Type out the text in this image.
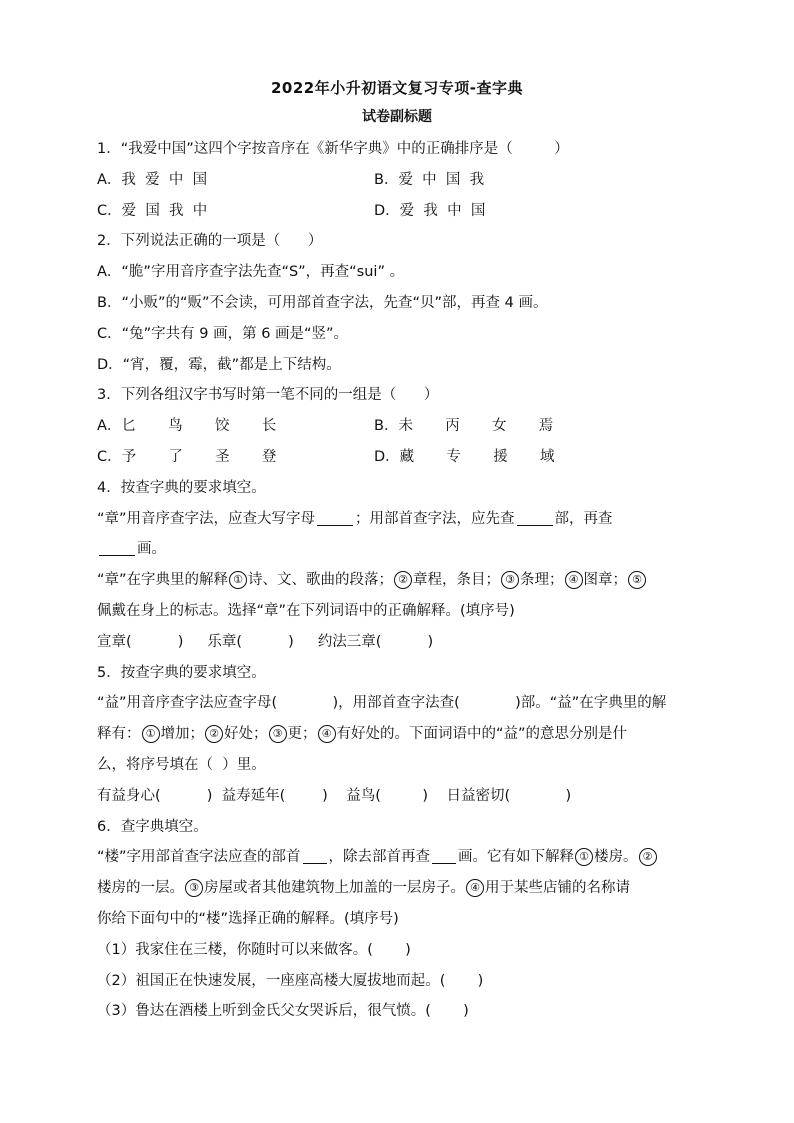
2022年小升初语文复习专项-查字典
试卷副标题
1．“我爱中国”这四个字按音序在《新华字典》中的正确排序是（         ）
A．我  爱  中  国	B．爱  中  国  我
C．爱  国  我  中	D．爱  我  中  国
2．下列说法正确的一项是（      ）
A．“脆”字用音序查字法先查“S”，再查“sui” 。
B．“小贩”的“贩”不会读，可用部首查字法，先查“贝”部，再查 4 画。
C．“兔”字共有 9 画，第 6 画是“竖”。
D．“宵，覆，霉，截”都是上下结构。
3．下列各组汉字书写时第一笔不同的一组是（      ）
A．匕       鸟       饺       长	B．未       丙       女       焉
C．予       了       圣       登	D．藏       专       援       域
4．按查字典的要求填空。
“章”用音序查字法，应查大写字母	；用部首查字法，应先查	部，再查
画。
“章”在字典里的解释 ① 诗、文、歌曲的段落； ② 章程，条目； ③ 条理； ④ 图章； ⑤
佩戴在身上的标志。选择“章”在下列词语中的正确解释。(填序号)
宣章(          ) 乐章(          ) 约法三章(          )
5．按查字典的要求填空。
“益”用音序查字法应查字母(            )，用部首查字法查(            )部。“益”在字典里的解
释有： ① 增加； ② 好处； ③ 更； ④ 有好处的。下面词语中的“益”的意思分别是什
么，将序号填在（  ）里。
有益身心(          )  益寿延年(        )    益鸟(         )    日益密切(            )
6．查字典填空。
“楼”字用部首查字法应查的部首 ，除去部首再查 画。它有如下解释 ① 楼房。 ②
楼房的一层。 ③ 房屋或者其他建筑物上加盖的一层房子。 ④ 用于某些店铺的名称请
你给下面句中的“楼”选择正确的解释。(填序号)
（1）我家住在三楼，你随时可以来做客。(       )
（2）祖国正在快速发展，一座座高楼大厦拔地而起。(       )
（3）鲁达在酒楼上听到金氏父女哭诉后，很气愤。(       )
